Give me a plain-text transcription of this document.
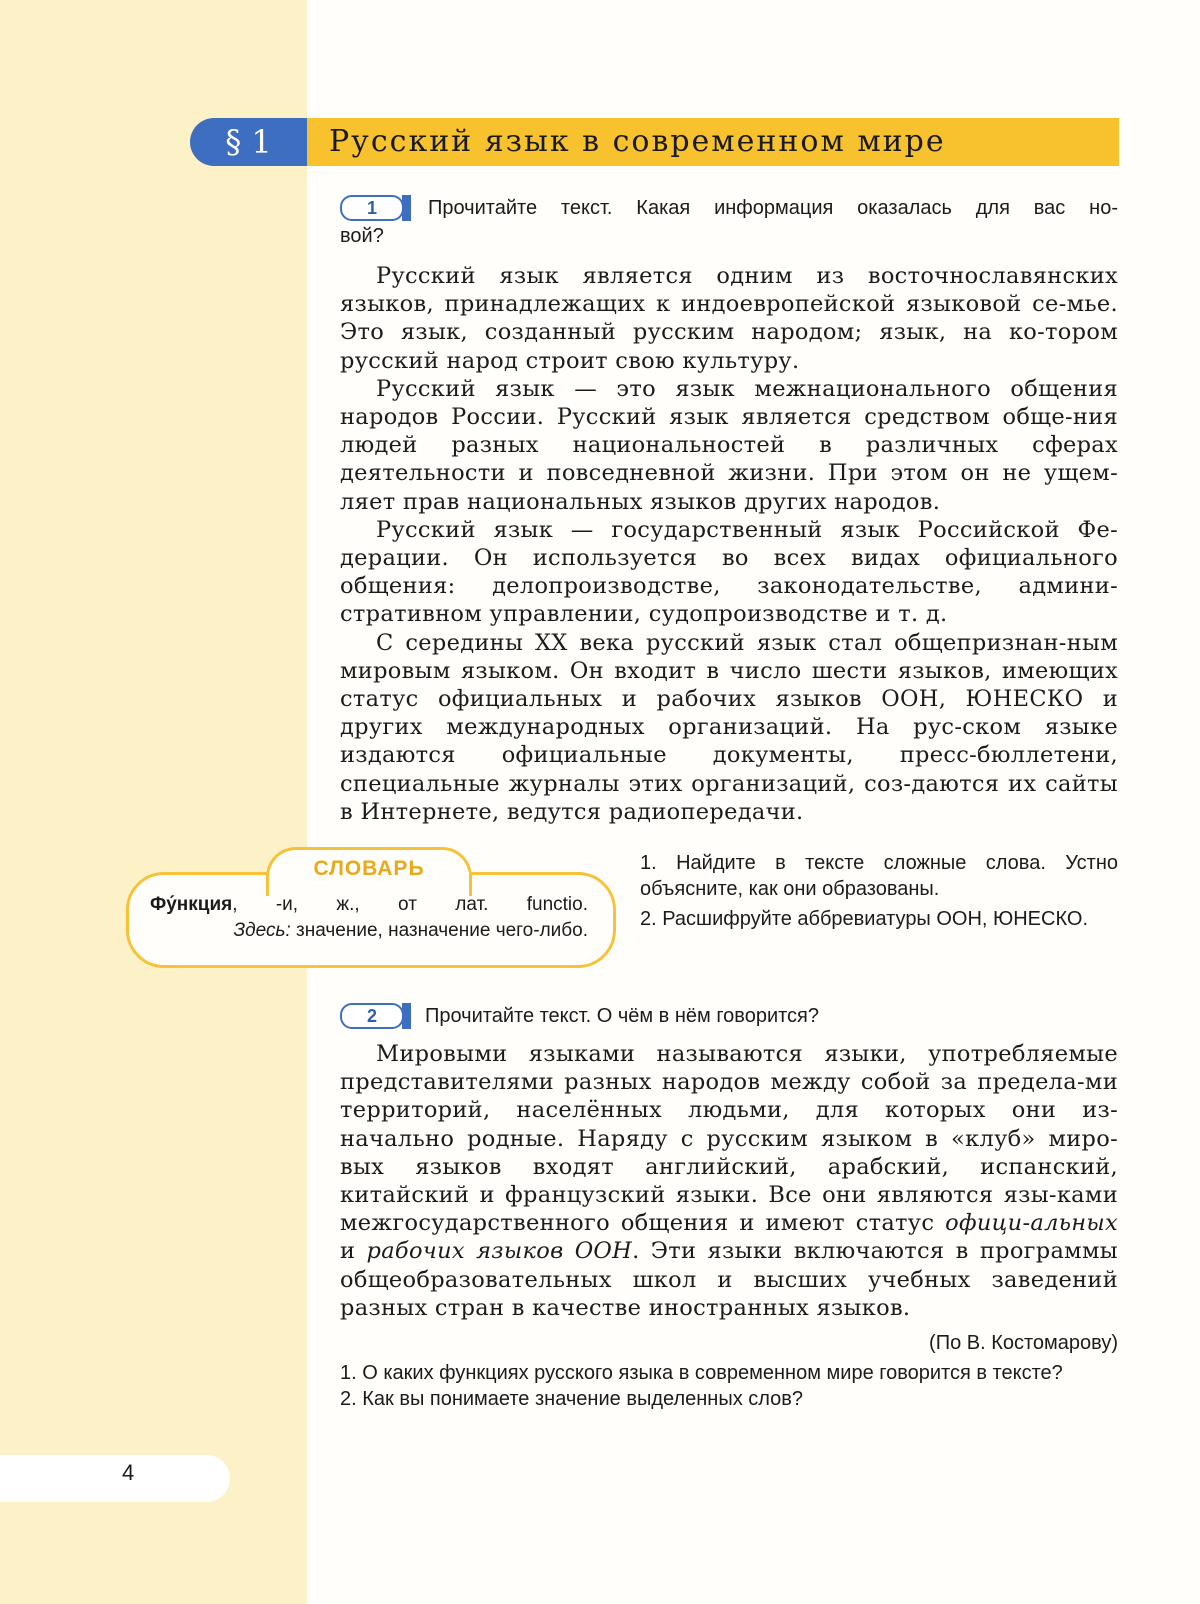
4
§ 1	Русский язык в современном мире
1	Прочитайте текст. Какая информация оказалась для вас но-
вой?

Русский язык является одним из восточнославянских языков, принадлежащих к индоевропейской языковой се-мье. Это язык, созданный русским народом; язык, на ко-тором русский народ строит свою культуру.

Русский язык — это язык межнационального общения народов России. Русский язык является средством обще-ния людей разных национальностей в различных сферах деятельности и повседневной жизни. При этом он не ущем-ляет прав национальных языков других народов.

Русский язык — государственный язык Российской Фе-дерации. Он используется во всех видах официального общения: делопроизводстве, законодательстве, админи-стративном управлении, судопроизводстве и т. д.

С середины XX века русский язык стал общепризнан-ным мировым языком. Он входит в число шести языков, имеющих статус официальных и рабочих языков ООН, ЮНЕСКО и других международных организаций. На рус-ском языке издаются официальные документы, пресс-бюллетени, специальные журналы этих организаций, соз-даются их сайты в Интернете, ведутся радиопередачи.

СЛОВАРЬ
Фу́нкция, -и, ж., от лат. functio.
Здесь: значение, назначение чего-либо.

1. Найдите в тексте сложные слова. Устно объясните, как они образованы.

2. Расшифруйте аббревиатуры ООН, ЮНЕСКО.

2	Прочитайте текст. О чём в нём говорится?

Мировыми языками называются языки, употребляемые представителями разных народов между собой за предела-ми территорий, населённых людьми, для которых они из-начально родные. Наряду с русским языком в «клуб» миро-вых языков входят английский, арабский, испанский, китайский и французский языки. Все они являются язы-ками межгосударственного общения и имеют статус офици-альных и рабочих языков ООН. Эти языки включаются в программы общеобразовательных школ и высших учебных заведений разных стран в качестве иностранных языков.

(По В. Костомарову)

1. О каких функциях русского языка в современном мире говорится в тексте?

2. Как вы понимаете значение выделенных слов?
